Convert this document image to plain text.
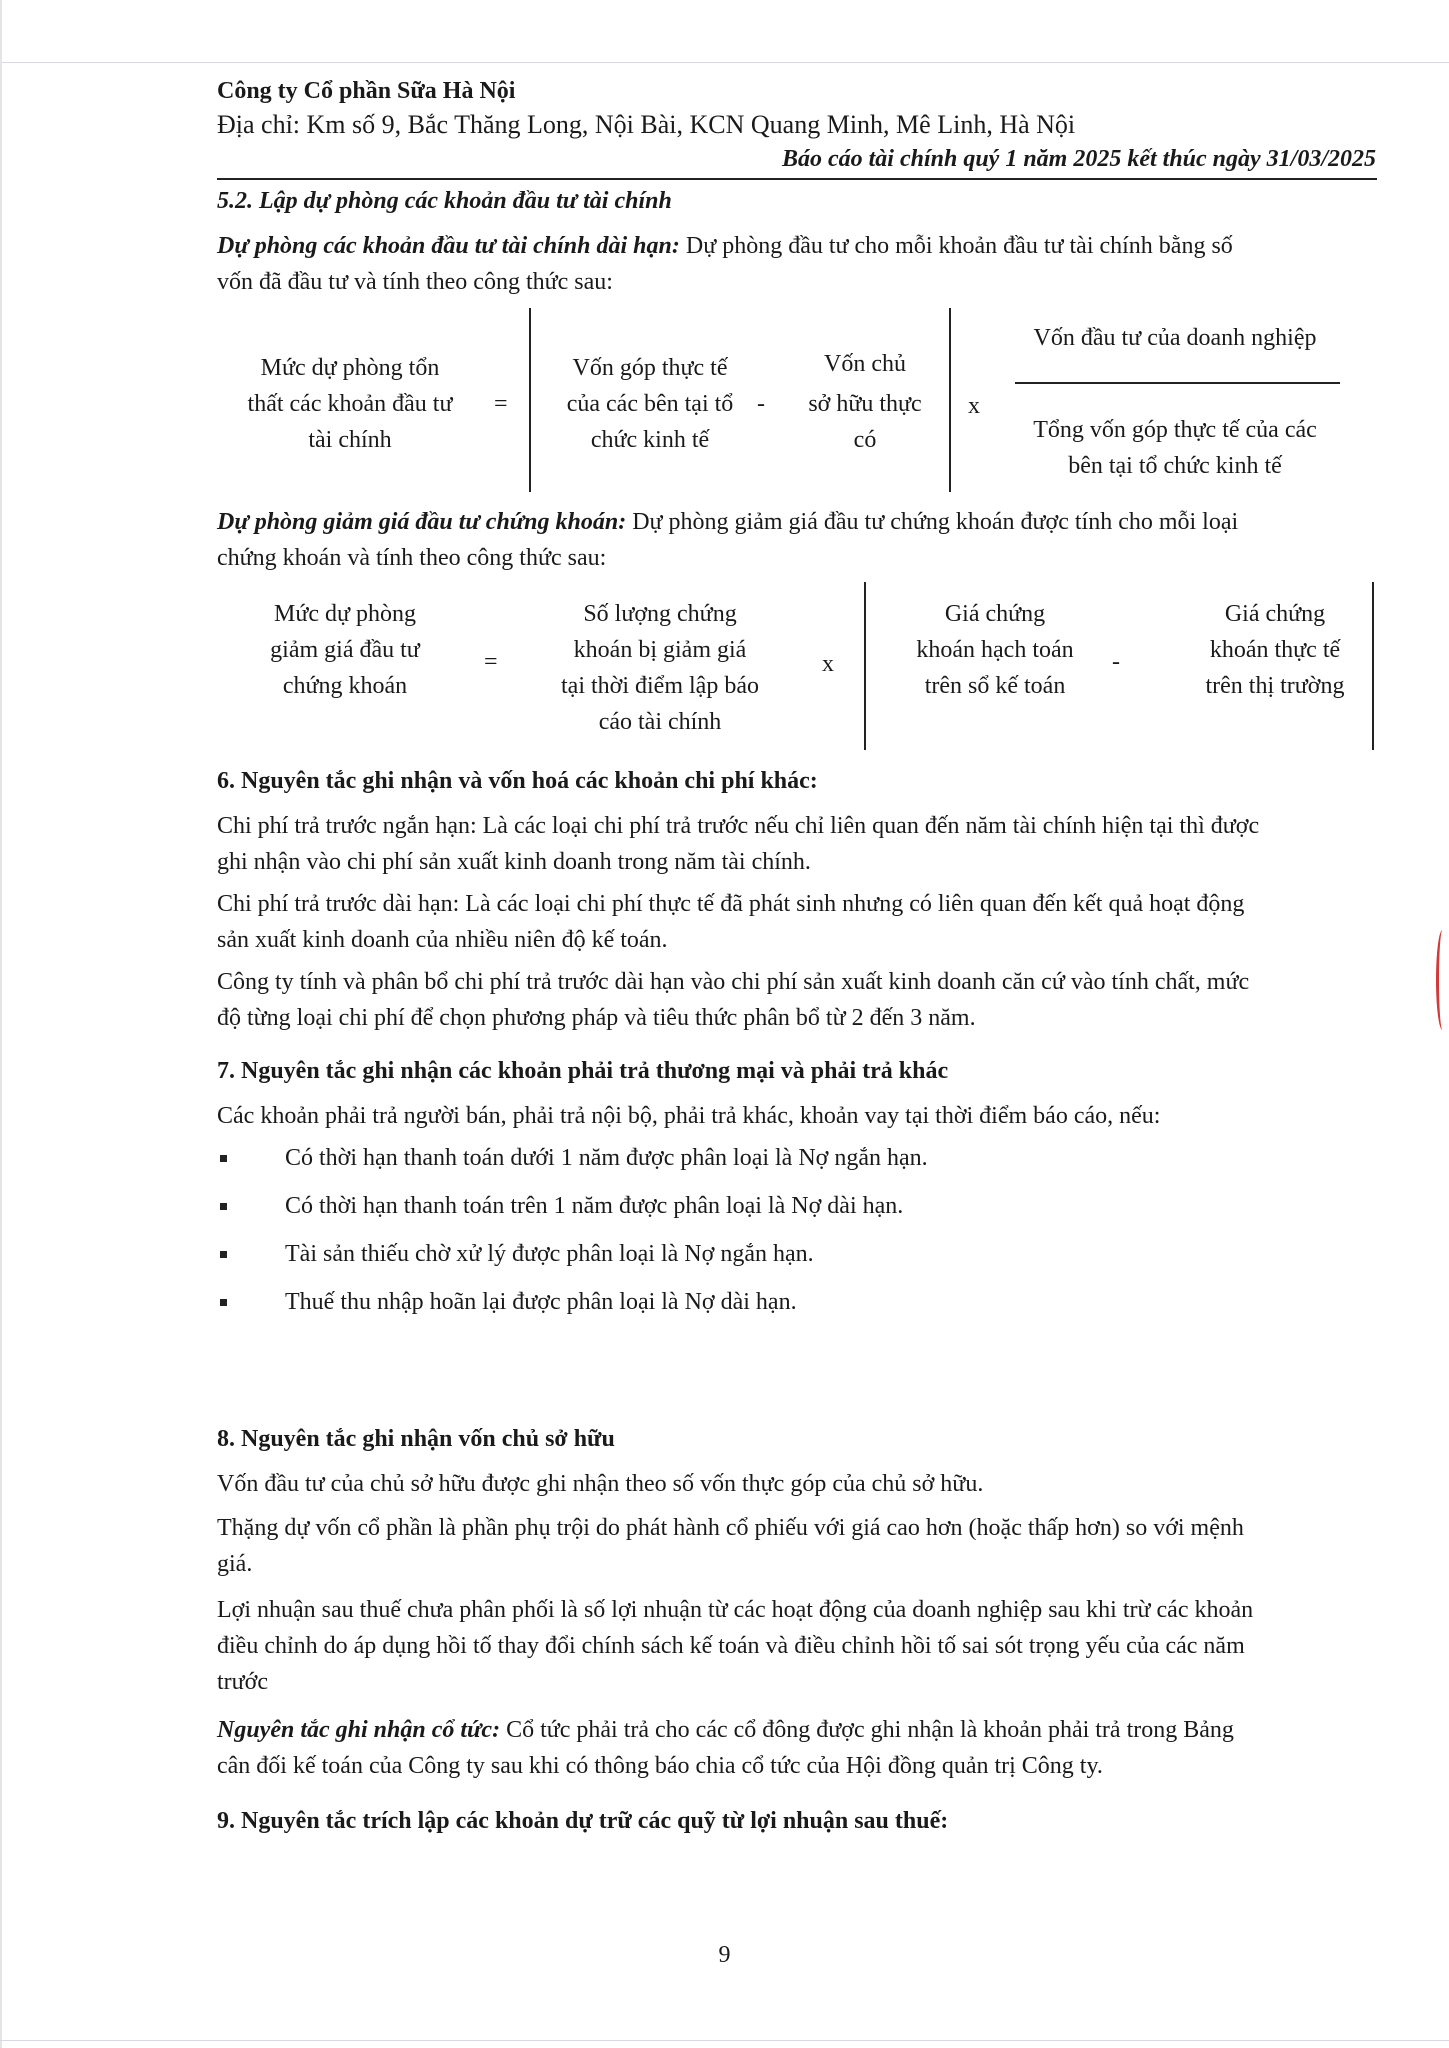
Công ty Cổ phần Sữa Hà Nội
Địa chỉ: Km số 9, Bắc Thăng Long, Nội Bài, KCN Quang Minh, Mê Linh, Hà Nội
Báo cáo tài chính quý 1 năm 2025 kết thúc ngày 31/03/2025
5.2. Lập dự phòng các khoản đầu tư tài chính
Dự phòng các khoản đầu tư tài chính dài hạn: Dự phòng đầu tư cho mỗi khoản đầu tư tài chính bằng số
vốn đã đầu tư và tính theo công thức sau:
Mức dự phòng tổn
thất các khoản đầu tư
tài chính
=
Vốn góp thực tế
của các bên tại tổ
chức kinh tế
-
Vốn chủ
sở hữu thực
có
x
Vốn đầu tư của doanh nghiệp
Tổng vốn góp thực tế của các
bên tại tổ chức kinh tế
Dự phòng giảm giá đầu tư chứng khoán: Dự phòng giảm giá đầu tư chứng khoán được tính cho mỗi loại
chứng khoán và tính theo công thức sau:
Mức dự phòng
giảm giá đầu tư
chứng khoán
=
Số lượng chứng
khoán bị giảm giá
tại thời điểm lập báo
cáo tài chính
x
Giá chứng
khoán hạch toán
trên sổ kế toán
-
Giá chứng
khoán thực tế
trên thị trường
6. Nguyên tắc ghi nhận và vốn hoá các khoản chi phí khác:
Chi phí trả trước ngắn hạn: Là các loại chi phí trả trước nếu chỉ liên quan đến năm tài chính hiện tại thì được
ghi nhận vào chi phí sản xuất kinh doanh trong năm tài chính.
Chi phí trả trước dài hạn: Là các loại chi phí thực tế đã phát sinh nhưng có liên quan đến kết quả hoạt động
sản xuất kinh doanh của nhiều niên độ kế toán.
Công ty tính và phân bổ chi phí trả trước dài hạn vào chi phí sản xuất kinh doanh căn cứ vào tính chất, mức
độ từng loại chi phí để chọn phương pháp và tiêu thức phân bổ từ 2 đến 3 năm.
7. Nguyên tắc ghi nhận các khoản phải trả thương mại và phải trả khác
Các khoản phải trả người bán, phải trả nội bộ, phải trả khác, khoản vay tại thời điểm báo cáo, nếu:
Có thời hạn thanh toán dưới 1 năm được phân loại là Nợ ngắn hạn.
Có thời hạn thanh toán trên 1 năm được phân loại là Nợ dài hạn.
Tài sản thiếu chờ xử lý được phân loại là Nợ ngắn hạn.
Thuế thu nhập hoãn lại được phân loại là Nợ dài hạn.
8. Nguyên tắc ghi nhận vốn chủ sở hữu
Vốn đầu tư của chủ sở hữu được ghi nhận theo số vốn thực góp của chủ sở hữu.
Thặng dự vốn cổ phần là phần phụ trội do phát hành cổ phiếu với giá cao hơn (hoặc thấp hơn) so với mệnh
giá.
Lợi nhuận sau thuế chưa phân phối là số lợi nhuận từ các hoạt động của doanh nghiệp sau khi trừ các khoản
điều chỉnh do áp dụng hồi tố thay đổi chính sách kế toán và điều chỉnh hồi tố sai sót trọng yếu của các năm
trước
Nguyên tắc ghi nhận cổ tức: Cổ tức phải trả cho các cổ đông được ghi nhận là khoản phải trả trong Bảng
cân đối kế toán của Công ty sau khi có thông báo chia cổ tức của Hội đồng quản trị Công ty.
9. Nguyên tắc trích lập các khoản dự trữ các quỹ từ lợi nhuận sau thuế:
9
